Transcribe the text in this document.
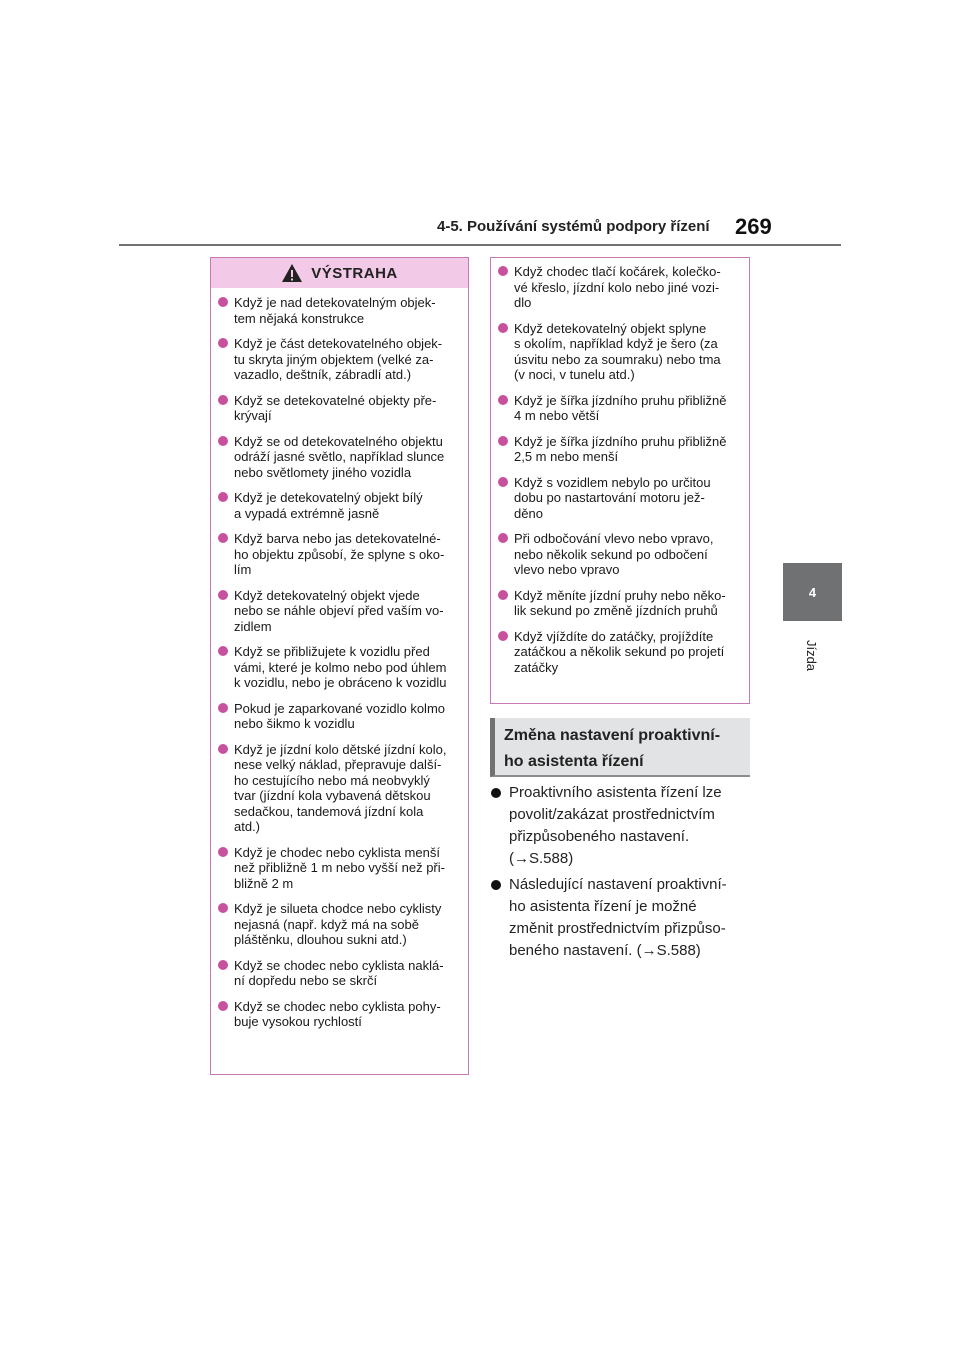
4-5. Používání systémů podpory řízení 269
4
Jízda
VÝSTRAHA
Když je nad detekovatelným objek-
tem nějaká konstrukce
Když je část detekovatelného objek-
tu skryta jiným objektem (velké za-
vazadlo, deštník, zábradlí atd.)
Když se detekovatelné objekty pře-
krývají
Když se od detekovatelného objektu
odráží jasné světlo, například slunce
nebo světlomety jiného vozidla
Když je detekovatelný objekt bílý
a vypadá extrémně jasně
Když barva nebo jas detekovatelné-
ho objektu způsobí, že splyne s oko-
lím
Když detekovatelný objekt vjede
nebo se náhle objeví před vaším vo-
zidlem
Když se přibližujete k vozidlu před
vámi, které je kolmo nebo pod úhlem
k vozidlu, nebo je obráceno k vozidlu
Pokud je zaparkované vozidlo kolmo
nebo šikmo k vozidlu
Když je jízdní kolo dětské jízdní kolo,
nese velký náklad, přepravuje další-
ho cestujícího nebo má neobvyklý
tvar (jízdní kola vybavená dětskou
sedačkou, tandemová jízdní kola
atd.)
Když je chodec nebo cyklista menší
než přibližně 1 m nebo vyšší než při-
bližně 2 m
Když je silueta chodce nebo cyklisty
nejasná (např. když má na sobě
pláštěnku, dlouhou sukni atd.)
Když se chodec nebo cyklista naklá-
ní dopředu nebo se skrčí
Když se chodec nebo cyklista pohy-
buje vysokou rychlostí
Když chodec tlačí kočárek, kolečko-
vé křeslo, jízdní kolo nebo jiné vozi-
dlo
Když detekovatelný objekt splyne
s okolím, například když je šero (za
úsvitu nebo za soumraku) nebo tma
(v noci, v tunelu atd.)
Když je šířka jízdního pruhu přibližně
4 m nebo větší
Když je šířka jízdního pruhu přibližně
2,5 m nebo menší
Když s vozidlem nebylo po určitou
dobu po nastartování motoru jež-
děno
Při odbočování vlevo nebo vpravo,
nebo několik sekund po odbočení
vlevo nebo vpravo
Když měníte jízdní pruhy nebo něko-
lik sekund po změně jízdních pruhů
Když vjíždíte do zatáčky, projíždíte
zatáčkou a několik sekund po projetí
zatáčky
Změna nastavení proaktivní-
ho asistenta řízení
Proaktivního asistenta řízení lze
povolit/zakázat prostřednictvím
přizpůsobeného nastavení.
(→S.588)
Následující nastavení proaktivní-
ho asistenta řízení je možné
změnit prostřednictvím přizpůso-
beného nastavení. (→S.588)
